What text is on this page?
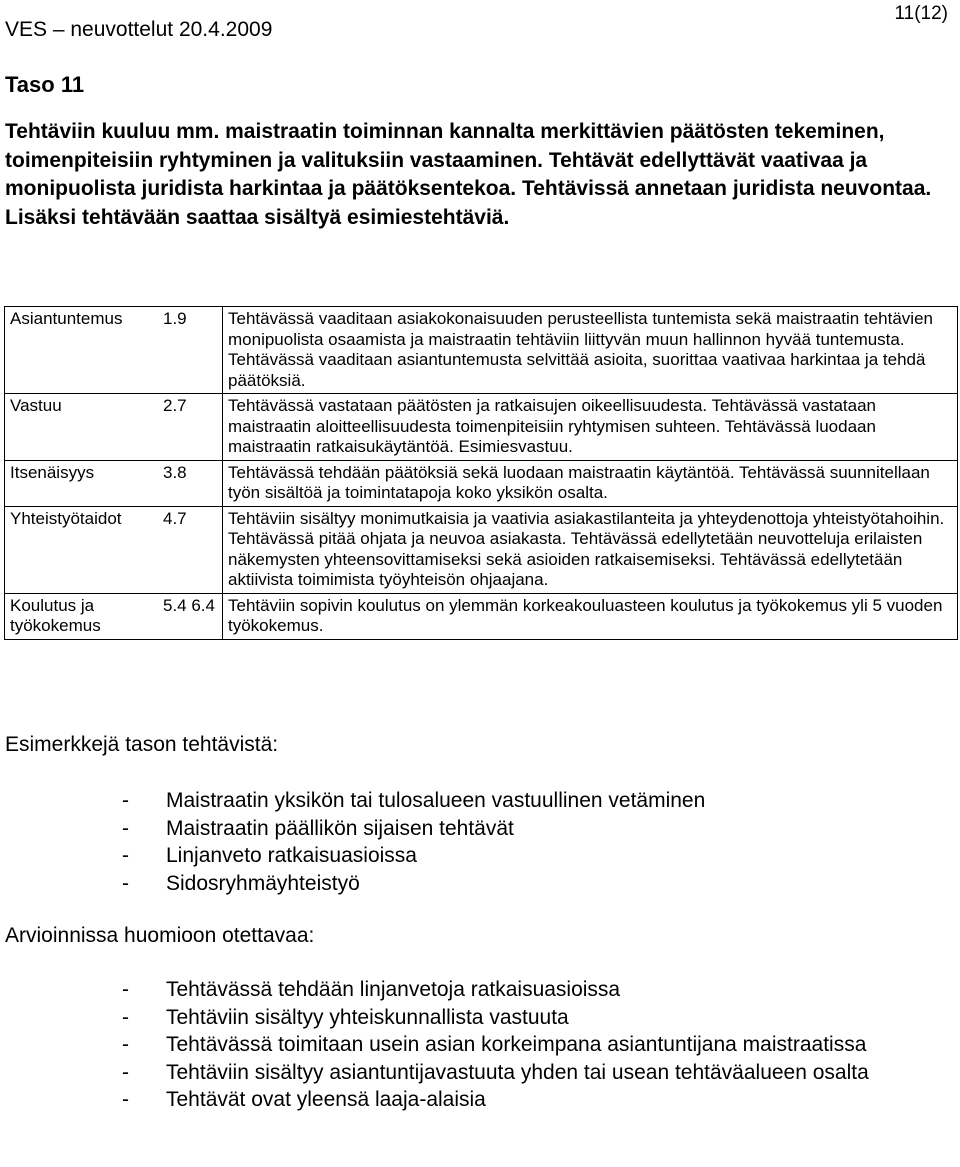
VES – neuvottelut 20.4.2009
11(12)
Taso 11
Tehtäviin kuuluu mm. maistraatin toiminnan kannalta merkittävien päätösten tekeminen, toimenpiteisiin ryhtyminen ja valituksiin vastaaminen. Tehtävät edellyttävät vaativaa ja monipuolista juridista harkintaa ja päätöksentekoa. Tehtävissä annetaan juridista neuvontaa. Lisäksi tehtävään saattaa sisältyä esimiestehtäviä.
Asiantuntemus	1.9	Tehtävässä vaaditaan asiakokonaisuuden perusteellista tuntemista sekä maistraatin tehtävien monipuolista osaamista ja maistraatin tehtäviin liittyvän muun hallinnon hyvää tuntemusta. Tehtävässä vaaditaan asiantuntemusta selvittää asioita, suorittaa vaativaa harkintaa ja tehdä päätöksiä.
Vastuu	2.7	Tehtävässä vastataan päätösten ja ratkaisujen oikeellisuudesta. Tehtävässä vastataan maistraatin aloitteellisuudesta toimenpiteisiin ryhtymisen suhteen. Tehtävässä luodaan maistraatin ratkaisukäytäntöä. Esimiesvastuu.
Itsenäisyys	3.8	Tehtävässä tehdään päätöksiä sekä luodaan maistraatin käytäntöä. Tehtävässä suunnitellaan työn sisältöä ja toimintatapoja koko yksikön osalta.
Yhteistyötaidot	4.7	Tehtäviin sisältyy monimutkaisia ja vaativia asiakastilanteita ja yhteydenottoja yhteistyötahoihin. Tehtävässä pitää ohjata ja neuvoa asiakasta. Tehtävässä edellytetään neuvotteluja erilaisten näkemysten yhteensovittamiseksi sekä asioiden ratkaisemiseksi. Tehtävässä edellytetään aktiivista toimimista työyhteisön ohjaajana.
Koulutus ja työkokemus	5.4 6.4	Tehtäviin sopivin koulutus on ylemmän korkeakouluasteen koulutus ja työkokemus yli 5 vuoden työkokemus.
Esimerkkejä tason tehtävistä:
- Maistraatin yksikön tai tulosalueen vastuullinen vetäminen
- Maistraatin päällikön sijaisen tehtävät
- Linjanveto ratkaisuasioissa
- Sidosryhmäyhteistyö
Arvioinnissa huomioon otettavaa:
- Tehtävässä tehdään linjanvetoja ratkaisuasioissa
- Tehtäviin sisältyy yhteiskunnallista vastuuta
- Tehtävässä toimitaan usein asian korkeimpana asiantuntijana maistraatissa
- Tehtäviin sisältyy asiantuntijavastuuta yhden tai usean tehtäväalueen osalta
- Tehtävät ovat yleensä laaja-alaisia
